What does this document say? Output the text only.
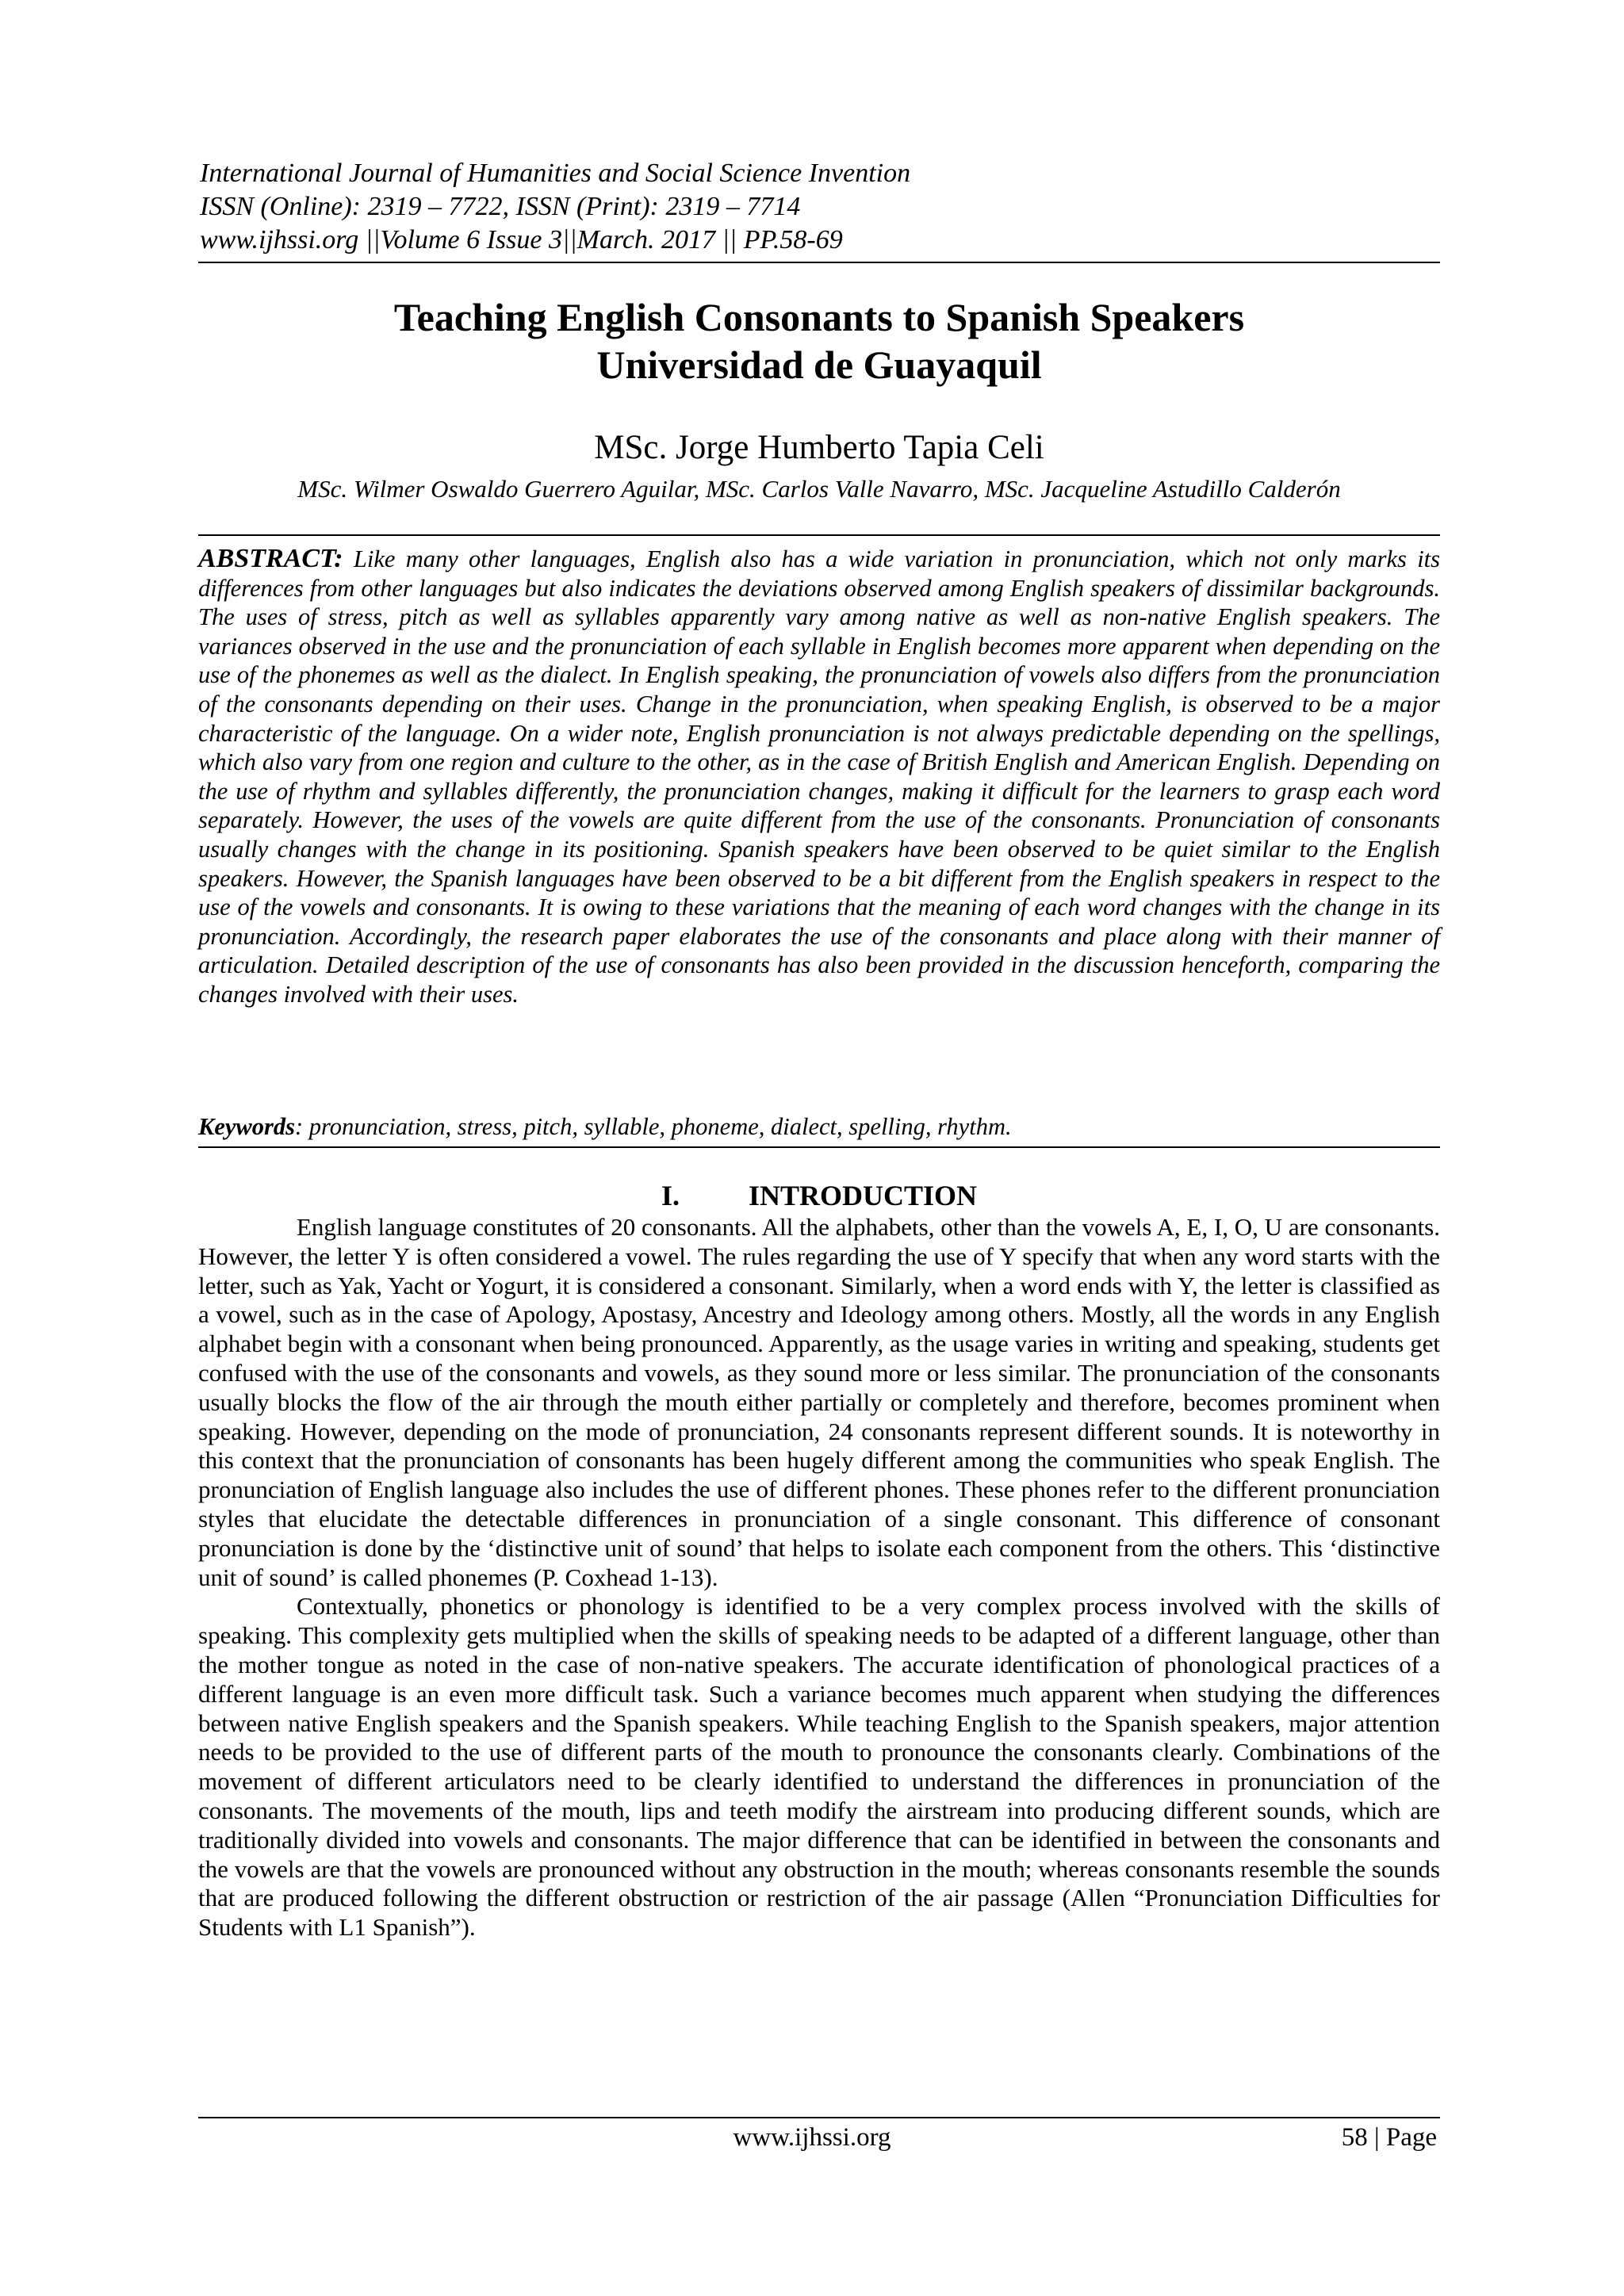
International Journal of Humanities and Social Science Invention
ISSN (Online): 2319 – 7722, ISSN (Print): 2319 – 7714
www.ijhssi.org ||Volume 6 Issue 3||March. 2017 || PP.58-69
Teaching English Consonants to Spanish Speakers
Universidad de Guayaquil
MSc. Jorge Humberto Tapia Celi
MSc. Wilmer Oswaldo Guerrero Aguilar, MSc. Carlos Valle Navarro, MSc. Jacqueline Astudillo Calderón
ABSTRACT: Like many other languages, English also has a wide variation in pronunciation, which not only marks its differences from other languages but also indicates the deviations observed among English speakers of dissimilar backgrounds. The uses of stress, pitch as well as syllables apparently vary among native as well as non-native English speakers. The variances observed in the use and the pronunciation of each syllable in English becomes more apparent when depending on the use of the phonemes as well as the dialect. In English speaking, the pronunciation of vowels also differs from the pronunciation of the consonants depending on their uses. Change in the pronunciation, when speaking English, is observed to be a major characteristic of the language. On a wider note, English pronunciation is not always predictable depending on the spellings, which also vary from one region and culture to the other, as in the case of British English and American English. Depending on the use of rhythm and syllables differently, the pronunciation changes, making it difficult for the learners to grasp each word separately. However, the uses of the vowels are quite different from the use of the consonants. Pronunciation of consonants usually changes with the change in its positioning. Spanish speakers have been observed to be quiet similar to the English speakers. However, the Spanish languages have been observed to be a bit different from the English speakers in respect to the use of the vowels and consonants. It is owing to these variations that the meaning of each word changes with the change in its pronunciation. Accordingly, the research paper elaborates the use of the consonants and place along with their manner of articulation. Detailed description of the use of consonants has also been provided in the discussion henceforth, comparing the changes involved with their uses.
Keywords: pronunciation, stress, pitch, syllable, phoneme, dialect, spelling, rhythm.
I. INTRODUCTION

English language constitutes of 20 consonants. All the alphabets, other than the vowels A, E, I, O, U are consonants. However, the letter Y is often considered a vowel. The rules regarding the use of Y specify that when any word starts with the letter, such as Yak, Yacht or Yogurt, it is considered a consonant. Similarly, when a word ends with Y, the letter is classified as a vowel, such as in the case of Apology, Apostasy, Ancestry and Ideology among others. Mostly, all the words in any English alphabet begin with a consonant when being pronounced. Apparently, as the usage varies in writing and speaking, students get confused with the use of the consonants and vowels, as they sound more or less similar. The pronunciation of the consonants usually blocks the flow of the air through the mouth either partially or completely and therefore, becomes prominent when speaking. However, depending on the mode of pronunciation, 24 consonants represent different sounds. It is noteworthy in this context that the pronunciation of consonants has been hugely different among the communities who speak English. The pronunciation of English language also includes the use of different phones. These phones refer to the different pronunciation styles that elucidate the detectable differences in pronunciation of a single consonant. This difference of consonant pronunciation is done by the ‘distinctive unit of sound’ that helps to isolate each component from the others. This ‘distinctive unit of sound’ is called phonemes (P. Coxhead 1-13).

Contextually, phonetics or phonology is identified to be a very complex process involved with the skills of speaking. This complexity gets multiplied when the skills of speaking needs to be adapted of a different language, other than the mother tongue as noted in the case of non-native speakers. The accurate identification of phonological practices of a different language is an even more difficult task. Such a variance becomes much apparent when studying the differences between native English speakers and the Spanish speakers. While teaching English to the Spanish speakers, major attention needs to be provided to the use of different parts of the mouth to pronounce the consonants clearly. Combinations of the movement of different articulators need to be clearly identified to understand the differences in pronunciation of the consonants. The movements of the mouth, lips and teeth modify the airstream into producing different sounds, which are traditionally divided into vowels and consonants. The major difference that can be identified in between the consonants and the vowels are that the vowels are pronounced without any obstruction in the mouth; whereas consonants resemble the sounds that are produced following the different obstruction or restriction of the air passage (Allen “Pronunciation Difficulties for Students with L1 Spanish”).

www.ijhssi.org	58 | Page
